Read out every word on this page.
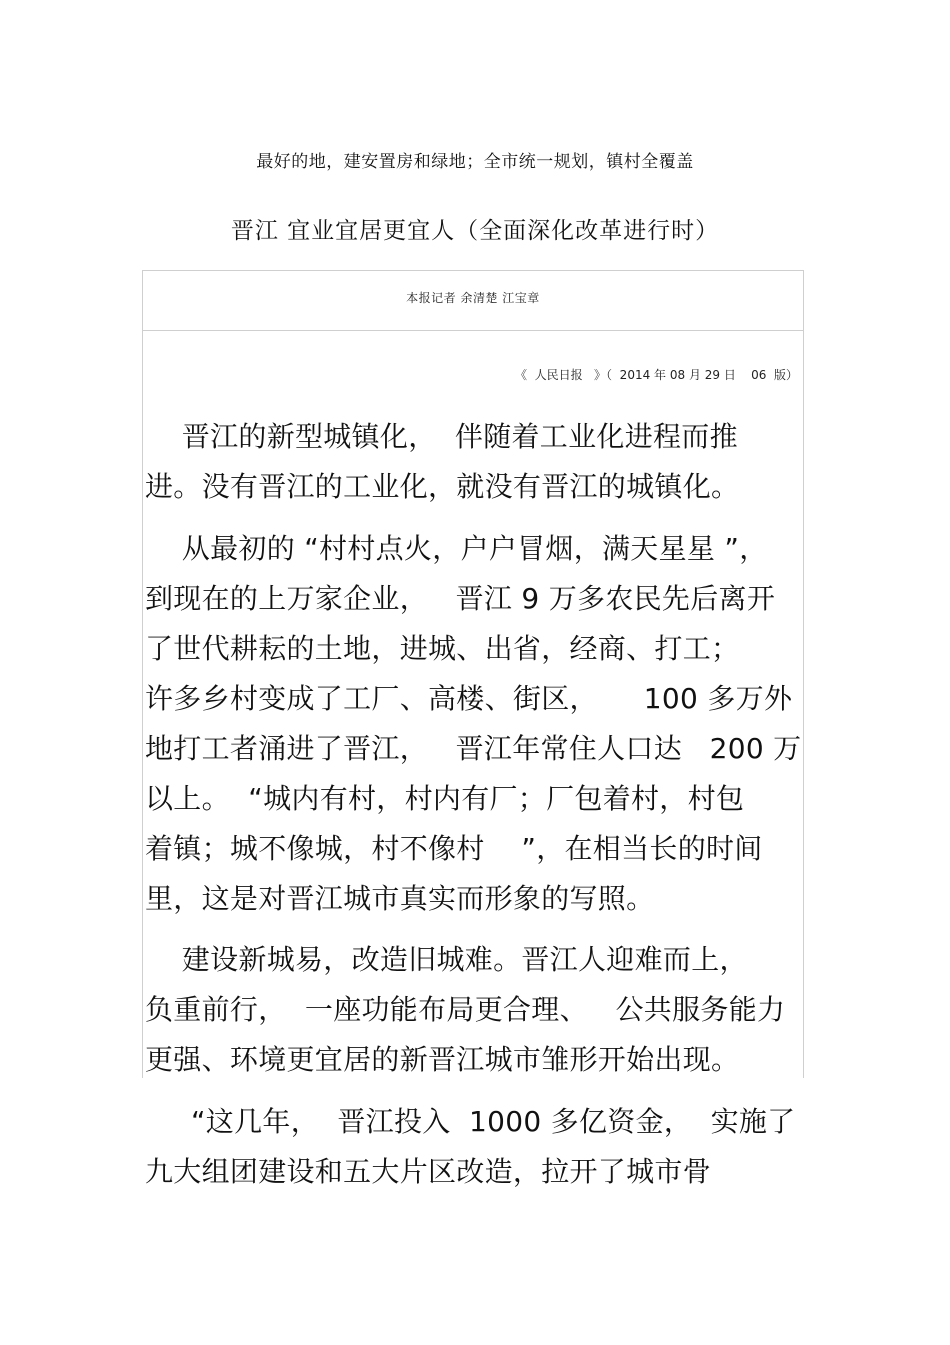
最好的地，建安置房和绿地；全市统一规划，镇村全覆盖
晋江 宜业宜居更宜人（全面深化改革进行时）
本报记者 余清楚 江宝章
《  人民日报   》（  2014 年 08 月 29 日    06  版）
晋江的新型城镇化，  伴随着工业化进程而推
进。没有晋江的工业化，就没有晋江的城镇化。
从最初的 “村村点火，户户冒烟，满天星星 ”，
到现在的上万家企业，   晋江 9 万多农民先后离开
了世代耕耘的土地，进城、出省，经商、打工；
许多乡村变成了工厂、高楼、街区，     100 多万外
地打工者涌进了晋江，   晋江年常住人口达   200 万
以上。  “城内有村，村内有厂；厂包着村，村包
着镇；城不像城，村不像村    ”，在相当长的时间
里，这是对晋江城市真实而形象的写照。
建设新城易，改造旧城难。晋江人迎难而上，
负重前行，  一座功能布局更合理、   公共服务能力
更强、环境更宜居的新晋江城市雏形开始出现。
“这几年，  晋江投入  1000 多亿资金，  实施了
九大组团建设和五大片区改造，拉开了城市骨
